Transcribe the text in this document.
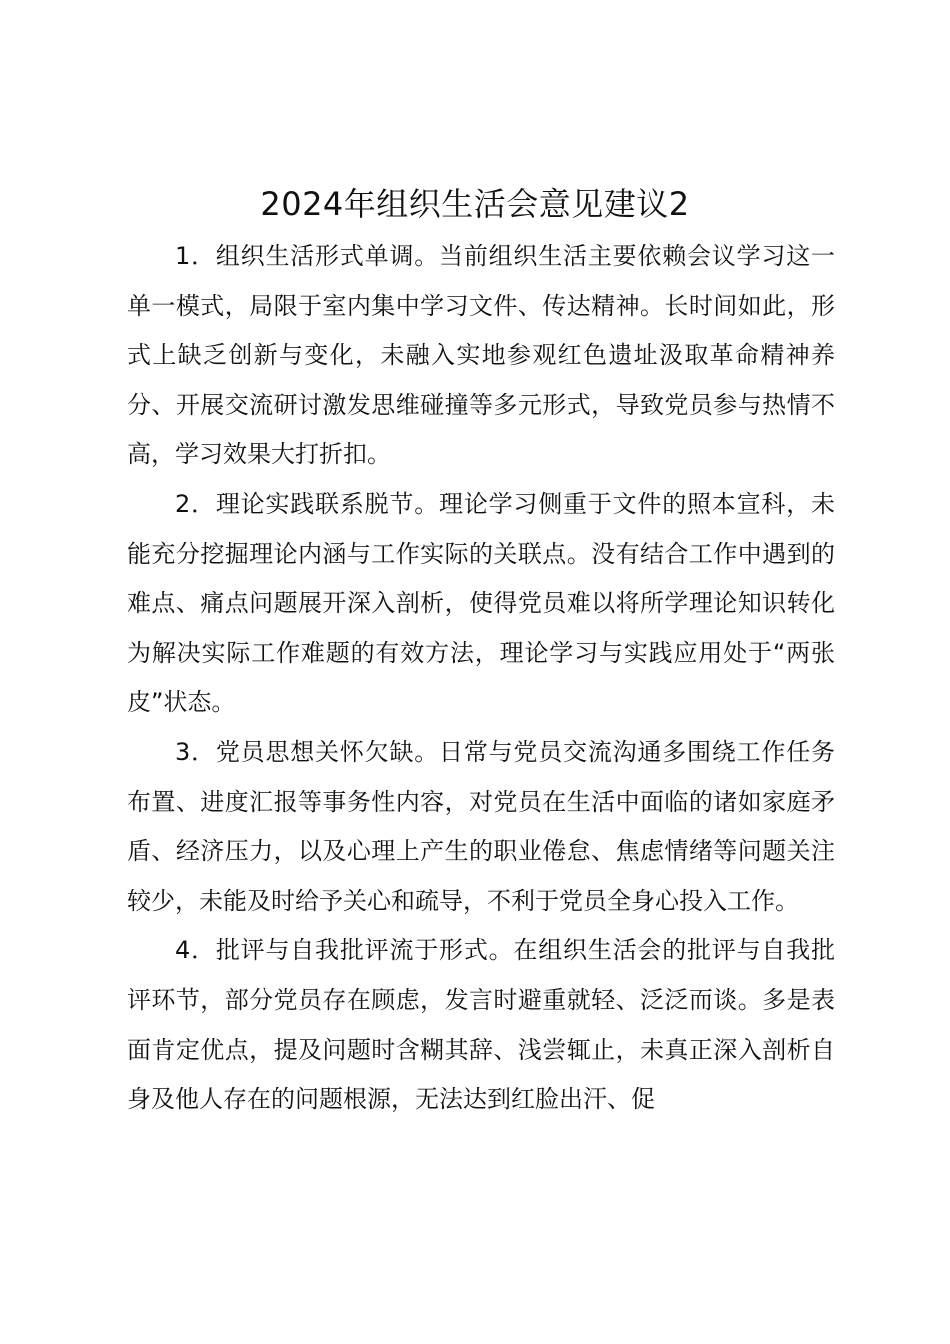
2024年组织生活会意见建议2

1．组织生活形式单调。当前组织生活主要依赖会议学习这一单一模式，局限于室内集中学习文件、传达精神。长时间如此，形式上缺乏创新与变化，未融入实地参观红色遗址汲取革命精神养分、开展交流研讨激发思维碰撞等多元形式，导致党员参与热情不高，学习效果大打折扣。

2．理论实践联系脱节。理论学习侧重于文件的照本宣科，未能充分挖掘理论内涵与工作实际的关联点。没有结合工作中遇到的难点、痛点问题展开深入剖析，使得党员难以将所学理论知识转化为解决实际工作难题的有效方法，理论学习与实践应用处于“两张皮”状态。

3．党员思想关怀欠缺。日常与党员交流沟通多围绕工作任务布置、进度汇报等事务性内容，对党员在生活中面临的诸如家庭矛盾、经济压力，以及心理上产生的职业倦怠、焦虑情绪等问题关注较少，未能及时给予关心和疏导，不利于党员全身心投入工作。

4．批评与自我批评流于形式。在组织生活会的批评与自我批评环节，部分党员存在顾虑，发言时避重就轻、泛泛而谈。多是表面肯定优点，提及问题时含糊其辞、浅尝辄止，未真正深入剖析自身及他人存在的问题根源，无法达到红脸出汗、促
